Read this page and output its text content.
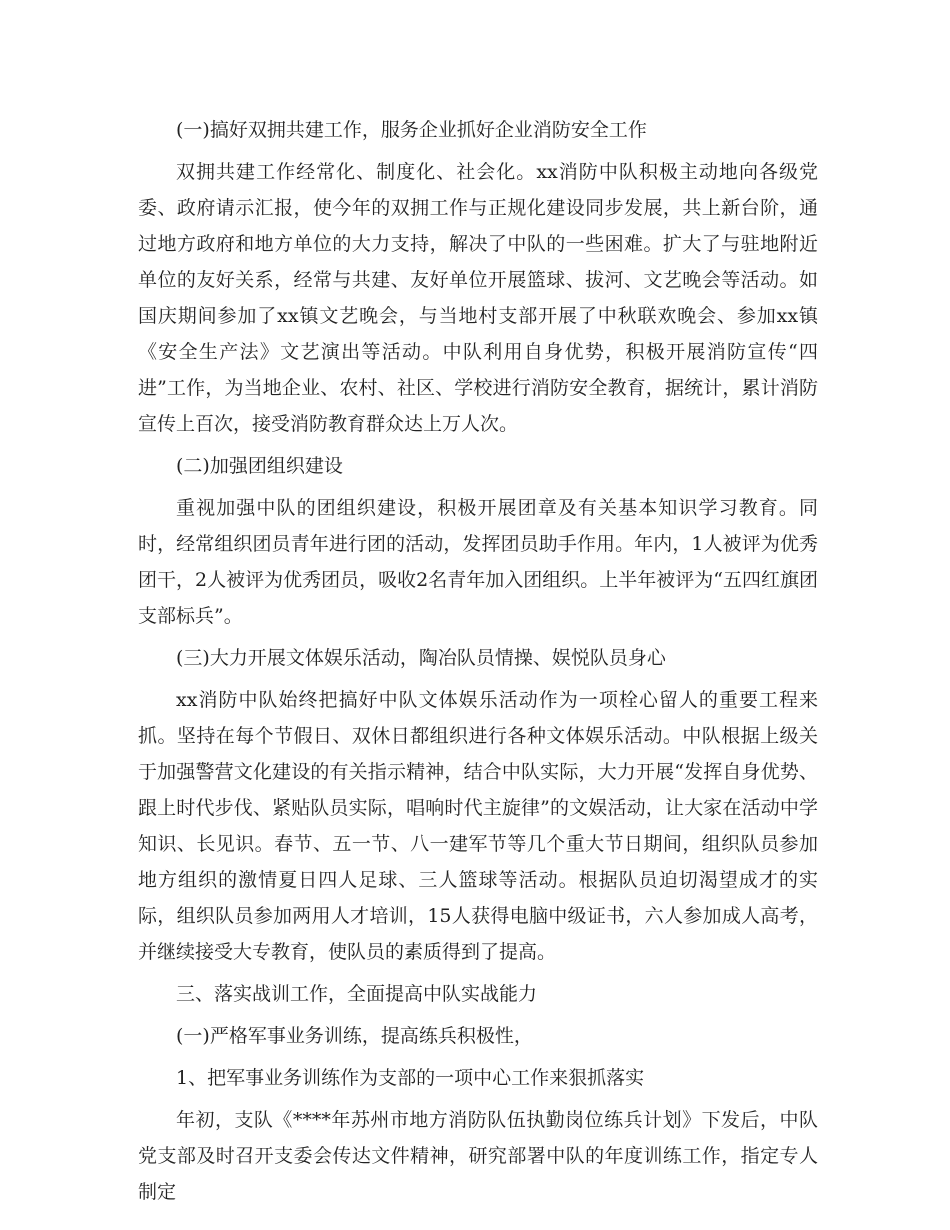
(一)搞好双拥共建工作，服务企业抓好企业消防安全工作

双拥共建工作经常化、制度化、社会化。xx消防中队积极主动地向各级党委、政府请示汇报，使今年的双拥工作与正规化建设同步发展，共上新台阶，通过地方政府和地方单位的大力支持，解决了中队的一些困难。扩大了与驻地附近单位的友好关系，经常与共建、友好单位开展篮球、拔河、文艺晚会等活动。如国庆期间参加了xx镇文艺晚会，与当地村支部开展了中秋联欢晚会、参加xx镇《安全生产法》文艺演出等活动。中队利用自身优势，积极开展消防宣传“四进”工作，为当地企业、农村、社区、学校进行消防安全教育，据统计，累计消防宣传上百次，接受消防教育群众达上万人次。

(二)加强团组织建设

重视加强中队的团组织建设，积极开展团章及有关基本知识学习教育。同时，经常组织团员青年进行团的活动，发挥团员助手作用。年内，1人被评为优秀团干，2人被评为优秀团员，吸收2名青年加入团组织。上半年被评为“五四红旗团支部标兵”。

(三)大力开展文体娱乐活动，陶冶队员情操、娱悦队员身心

xx消防中队始终把搞好中队文体娱乐活动作为一项栓心留人的重要工程来抓。坚持在每个节假日、双休日都组织进行各种文体娱乐活动。中队根据上级关于加强警营文化建设的有关指示精神，结合中队实际，大力开展“发挥自身优势、跟上时代步伐、紧贴队员实际，唱响时代主旋律”的文娱活动，让大家在活动中学知识、长见识。春节、五一节、八一建军节等几个重大节日期间，组织队员参加地方组织的激情夏日四人足球、三人篮球等活动。根据队员迫切渴望成才的实际，组织队员参加两用人才培训，15人获得电脑中级证书，六人参加成人高考，并继续接受大专教育，使队员的素质得到了提高。

三、落实战训工作，全面提高中队实战能力

(一)严格军事业务训练，提高练兵积极性，

1、把军事业务训练作为支部的一项中心工作来狠抓落实

年初，支队《****年苏州市地方消防队伍执勤岗位练兵计划》下发后，中队党支部及时召开支委会传达文件精神，研究部署中队的年度训练工作，指定专人制定
